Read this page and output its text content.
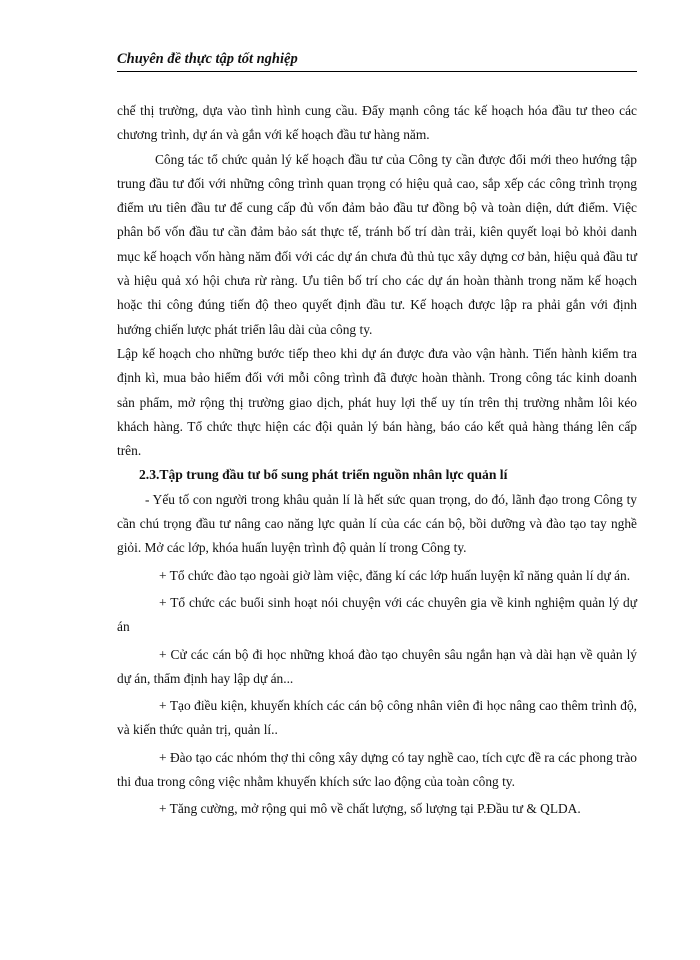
Chuyên đề thực tập tốt nghiệp

chế thị trường, dựa vào tình hình cung cầu. Đẩy mạnh công tác kế hoạch hóa đầu tư theo các chương trình, dự án và gắn với kế hoạch đầu tư hàng năm.

Công tác tổ chức quản lý kế hoạch đầu tư của Công ty cần được đổi mới theo hướng tập trung đầu tư đối với những công trình quan trọng có hiệu quả cao, sắp xếp các công trình trọng điểm ưu tiên đầu tư để cung cấp đủ vốn đảm bảo đầu tư đồng bộ và toàn diện, dứt điểm. Việc phân bổ vốn đầu tư cần đảm bảo sát thực tế, tránh bố trí dàn trải, kiên quyết loại bỏ khỏi danh mục kế hoạch vốn hàng năm đối với các dự án chưa đủ thủ tục xây dựng cơ bản, hiệu quả đầu tư và hiệu quả xó hội chưa rừ ràng. Ưu tiên bố trí cho các dự án hoàn thành trong năm kế hoạch hoặc thi công đúng tiến độ theo quyết định đầu tư. Kế hoạch được lập ra phải gắn với định hướng chiến lược phát triển lâu dài của công ty.

Lập kế hoạch cho những bước tiếp theo khi dự án được đưa vào vận hành. Tiến hành kiểm tra định kì, mua bảo hiểm đối với mỗi công trình đã được hoàn thành. Trong công tác kinh doanh sản phẩm, mở rộng thị trường giao dịch, phát huy lợi thế uy tín trên thị trường nhằm lôi kéo khách hàng. Tổ chức thực hiện các đội quản lý bán hàng, báo cáo kết quả hàng tháng lên cấp trên.

2.3.Tập trung đầu tư bổ sung phát triển nguồn nhân lực quản lí

- Yếu tố con người trong khâu quản lí là hết sức quan trọng, do đó, lãnh đạo trong Công ty cần chú trọng đầu tư nâng cao năng lực quản lí của các cán bộ, bồi dưỡng và đào tạo tay nghề giỏi. Mở các lớp, khóa huấn luyện trình độ quản lí trong Công ty.

+ Tổ chức đào tạo ngoài giờ làm việc, đăng kí các lớp huấn luyện kĩ năng quản lí dự án.

+ Tổ chức các buổi sinh hoạt nói chuyện với các chuyên gia về kinh nghiệm quản lý dự án

+ Cử các cán bộ đi học những khoá đào tạo chuyên sâu ngắn hạn và dài hạn về quản lý dự án, thẩm định hay lập dự án...

+ Tạo điều kiện, khuyến khích các cán bộ công nhân viên đi học nâng cao thêm trình độ, và kiến thức quản trị, quản lí..

+ Đào tạo các nhóm thợ thi công xây dựng có tay nghề cao, tích cực đề ra các phong trào thi đua trong công việc nhằm khuyến khích sức lao động của toàn công ty.

+ Tăng cường, mở rộng qui mô về chất lượng, số lượng tại P.Đầu tư & QLDA.
